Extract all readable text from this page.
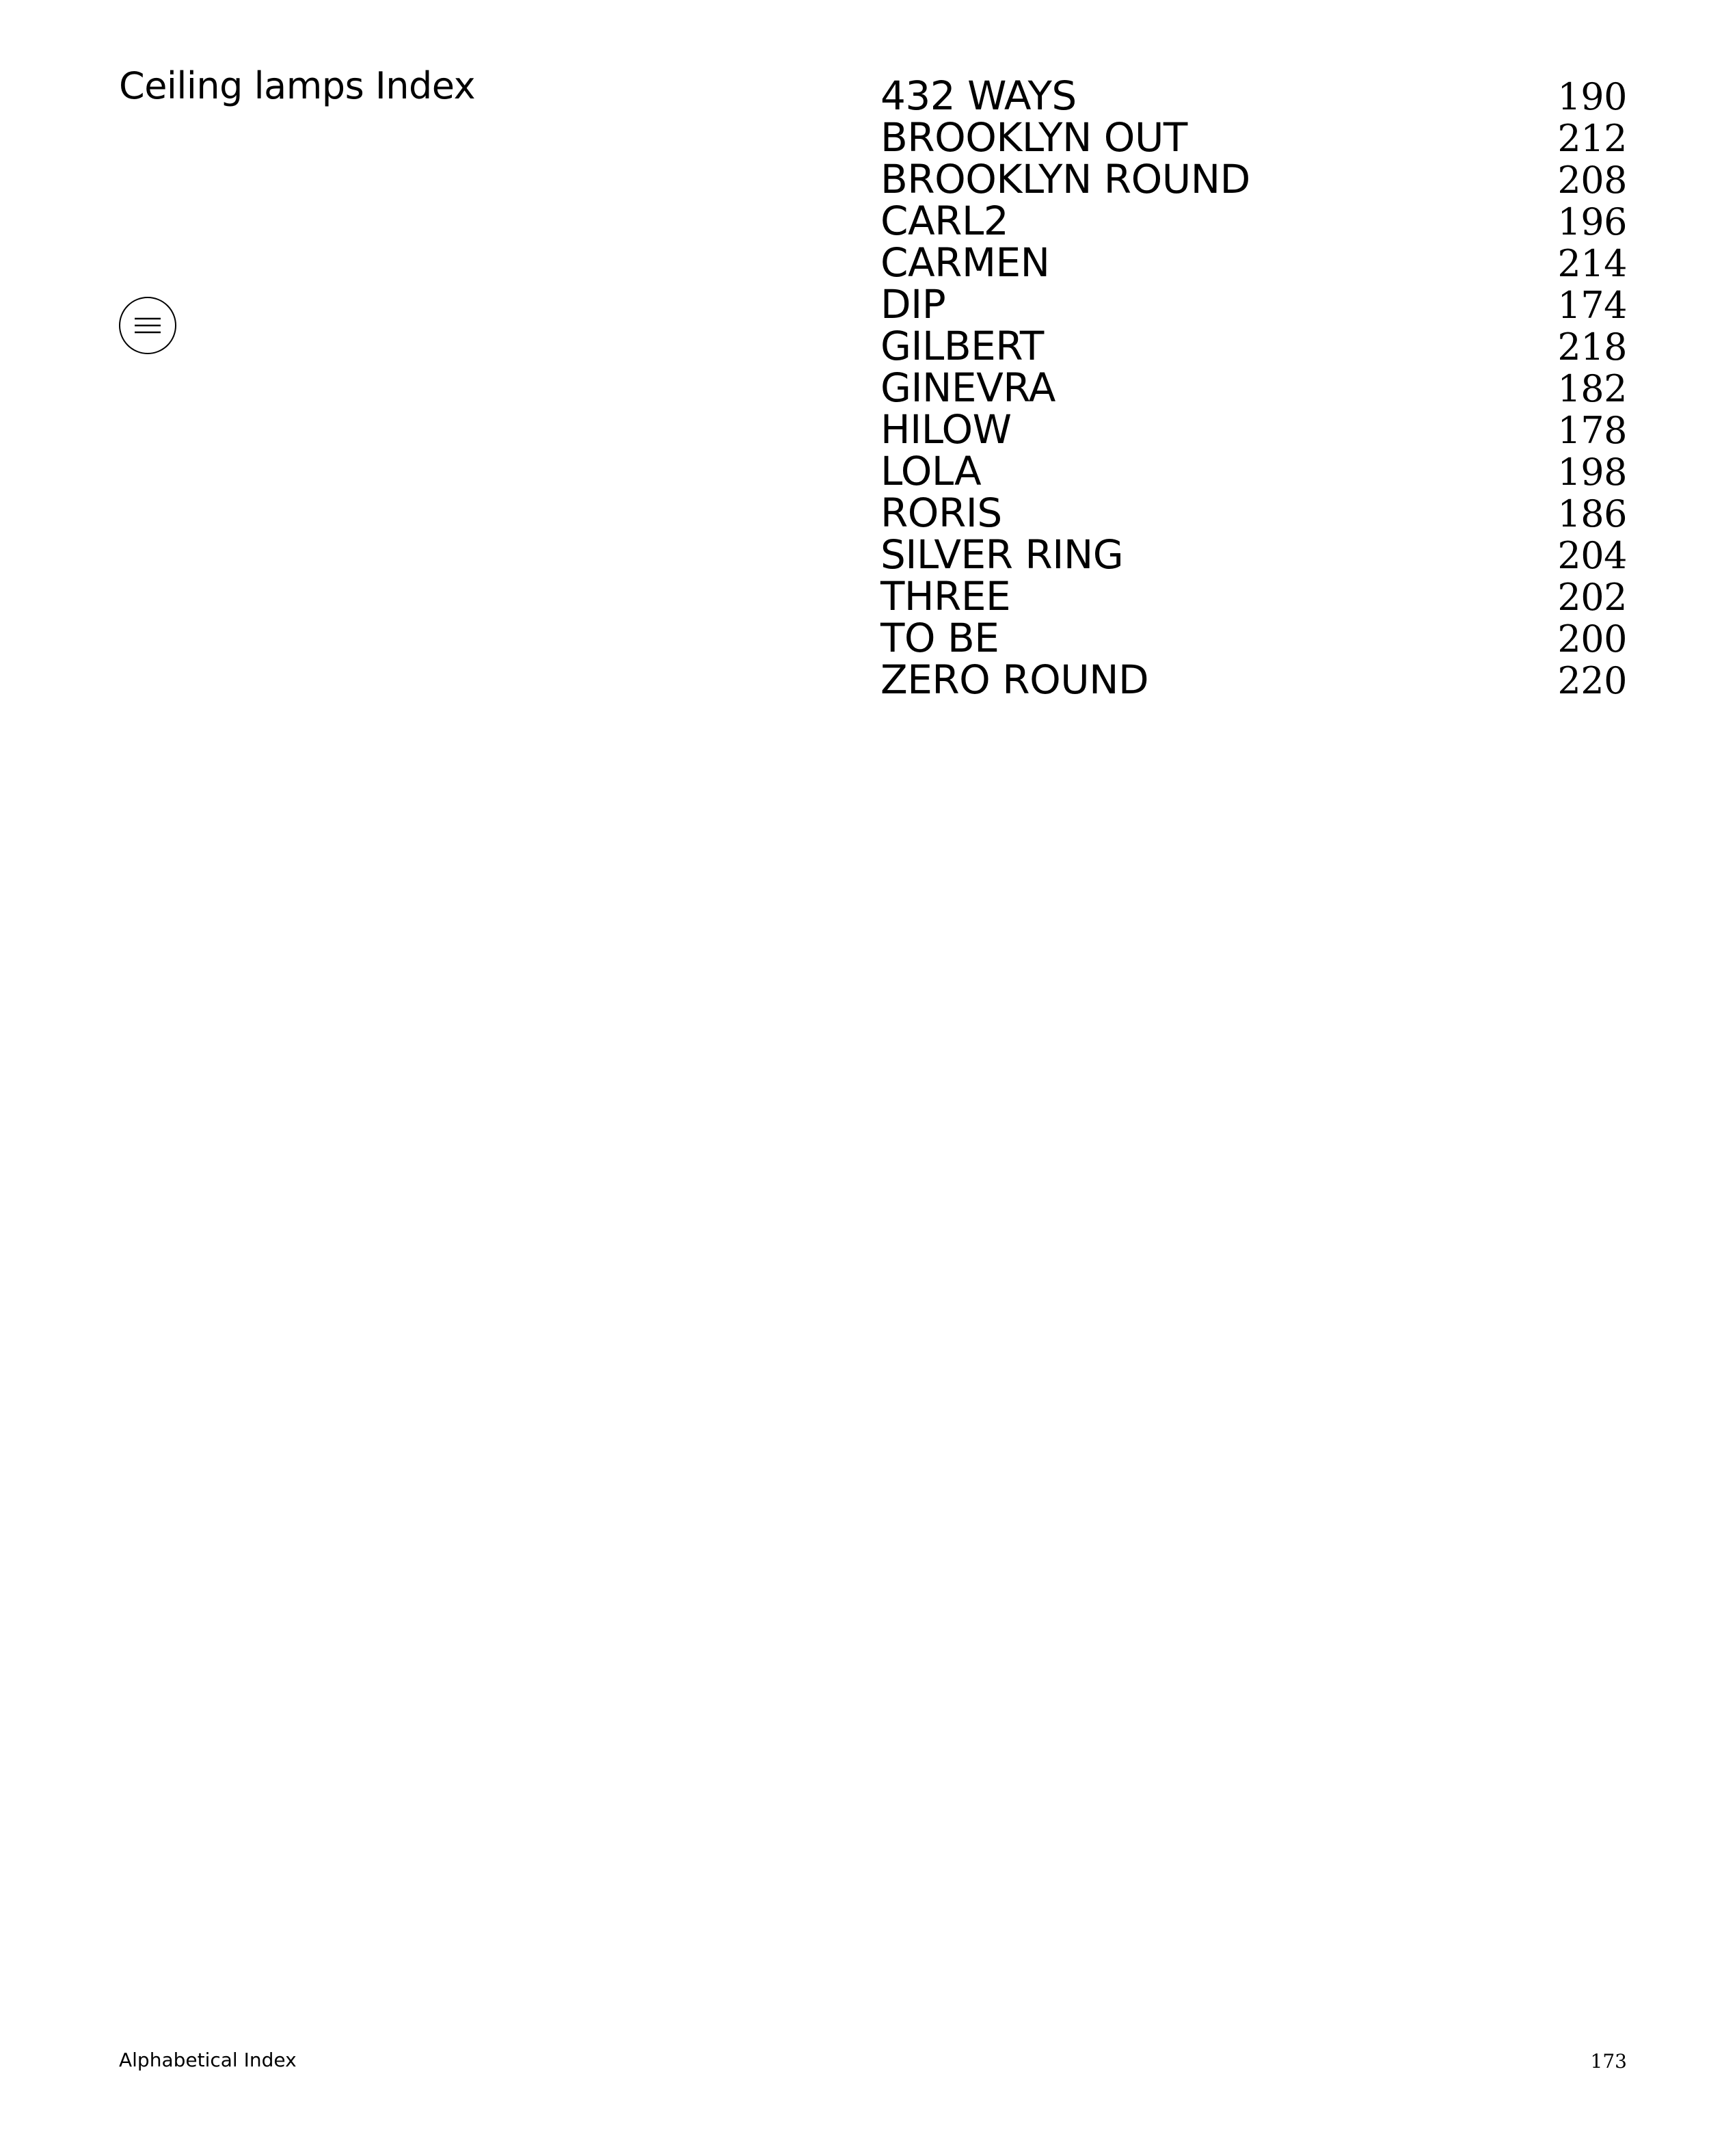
Ceiling lamps Index	432 WAYS	190
BROOKLYN OUT	212
BROOKLYN ROUND	208
CARL2	196
CARMEN	214
DIP	174
GILBERT	218
GINEVRA	182
HILOW	178
LOLA	198
RORIS	186
SILVER RING	204
THREE	202
TO BE	200
ZERO ROUND	220
Alphabetical Index	173
